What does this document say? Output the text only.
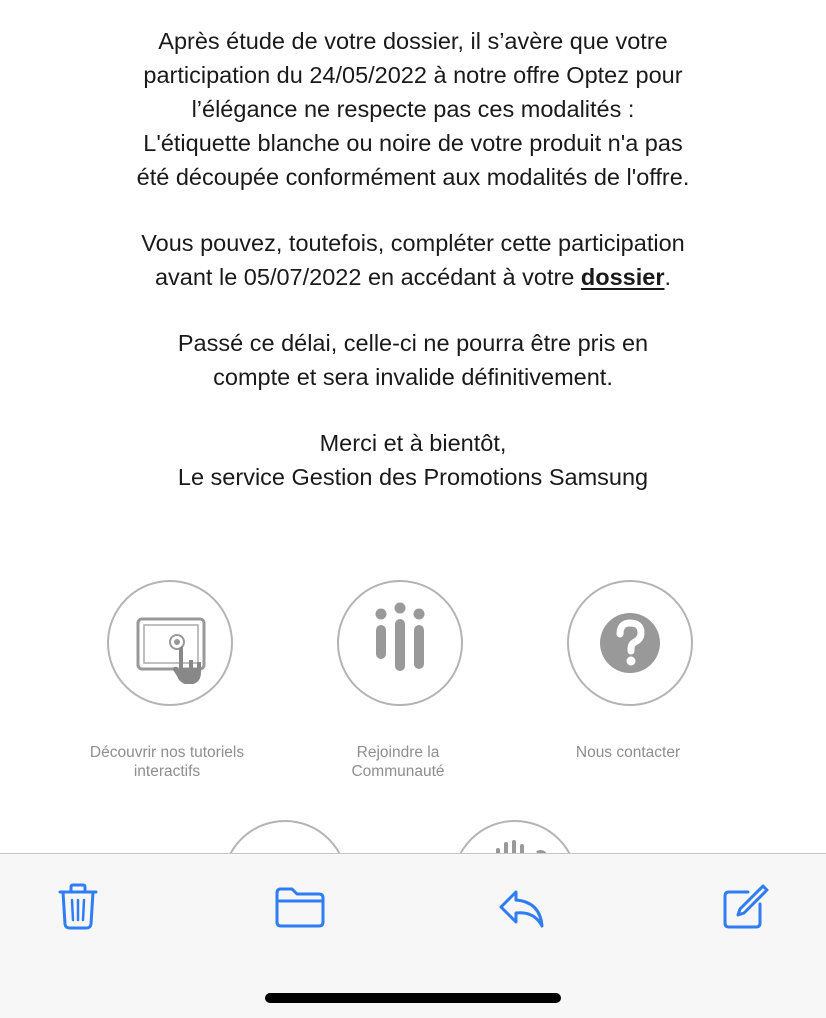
Après étude de votre dossier, il s’avère que votre
participation du 24/05/2022 à notre offre Optez pour
l’élégance ne respecte pas ces modalités :
L'étiquette blanche ou noire de votre produit n'a pas
été découpée conformément aux modalités de l'offre.

Vous pouvez, toutefois, compléter cette participation
avant le 05/07/2022 en accédant à votre dossier.

Passé ce délai, celle-ci ne pourra être pris en
compte et sera invalide définitivement.

Merci et à bientôt,
Le service Gestion des Promotions Samsung

Découvrir nos tutoriels
interactifs
Rejoindre la
Communauté
Nous contacter
